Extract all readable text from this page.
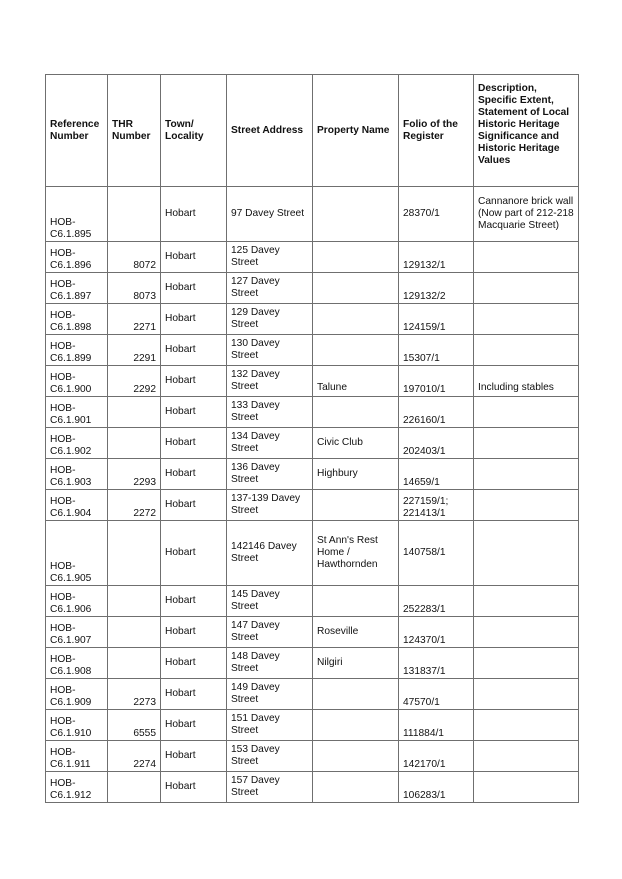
Reference Number	THR Number	Town/ Locality	Street Address	Property Name	Folio of the Register	Description, Specific Extent, Statement of Local Historic Heritage Significance and Historic Heritage Values
HOB-C6.1.895		Hobart	97 Davey Street		28370/1	Cannanore brick wall (Now part of 212-218 Macquarie Street)
HOB-C6.1.896	8072	Hobart	125 Davey Street		129132/1	
HOB-C6.1.897	8073	Hobart	127 Davey Street		129132/2	
HOB-C6.1.898	2271	Hobart	129 Davey Street		124159/1	
HOB-C6.1.899	2291	Hobart	130 Davey Street		15307/1	
HOB-C6.1.900	2292	Hobart	132 Davey Street	Talune	197010/1	Including stables
HOB-C6.1.901		Hobart	133 Davey Street		226160/1	
HOB-C6.1.902		Hobart	134 Davey Street	Civic Club	202403/1	
HOB-C6.1.903	2293	Hobart	136 Davey Street	Highbury	14659/1	
HOB-C6.1.904	2272	Hobart	137-139 Davey Street		227159/1; 221413/1	
HOB-C6.1.905		Hobart	142146 Davey Street	St Ann's Rest Home / Hawthornden	140758/1	
HOB-C6.1.906		Hobart	145 Davey Street		252283/1	
HOB-C6.1.907		Hobart	147 Davey Street	Roseville	124370/1	
HOB-C6.1.908		Hobart	148 Davey Street	Nilgiri	131837/1	
HOB-C6.1.909	2273	Hobart	149 Davey Street		47570/1	
HOB-C6.1.910	6555	Hobart	151 Davey Street		111884/1	
HOB-C6.1.911	2274	Hobart	153 Davey Street		142170/1	
HOB-C6.1.912		Hobart	157 Davey Street		106283/1	
